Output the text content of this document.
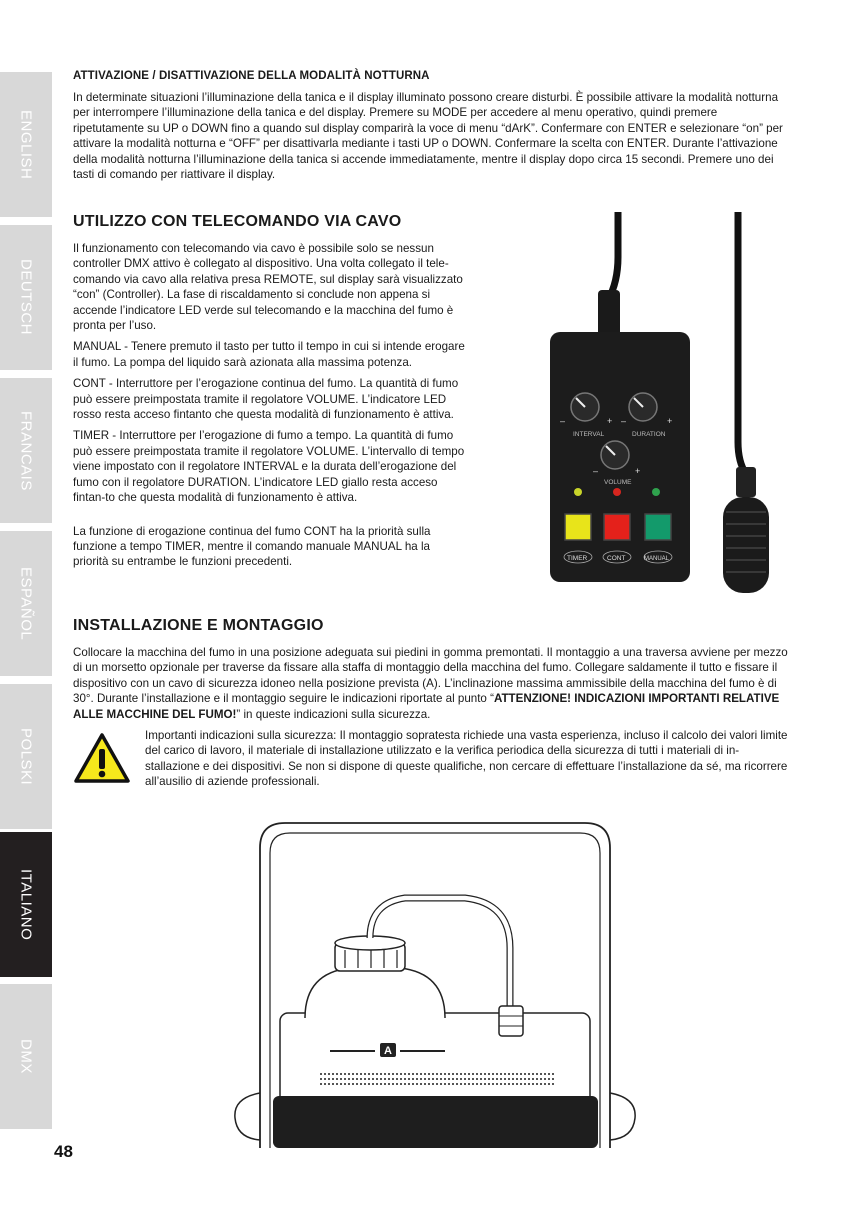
ENGLISH
DEUTSCH
FRANCAIS
ESPAÑOL
POLSKI
ITALIANO
DMX
48
ATTIVAZIONE / DISATTIVAZIONE DELLA MODALITÀ NOTTURNA

In determinate situazioni l’illuminazione della tanica e il display illuminato possono creare disturbi. È possibile attivare la modalità notturna per interrompere l’illuminazione della tanica e del display. Premere su MODE per accedere al menu operativo, quindi premere ripetutamente su UP o DOWN fino a quando sul display comparirà la voce di menu “dArK”. Confermare con ENTER e selezionare “on” per attivare la modalità notturna e “OFF” per disattivarla mediante i tasti UP o DOWN. Confermare la scelta con ENTER. Durante l’attivazione della modalità notturna l’illuminazione della tanica si accende immediatamente, mentre il display dopo circa 15 secondi. Premere uno dei tasti di comando per riattivare il display.

UTILIZZO CON TELECOMANDO VIA CAVO

Il funzionamento con telecomando via cavo è possibile solo se nessun controller DMX attivo è collegato al dispositivo. Una volta collegato il tele-comando via cavo alla relativa presa REMOTE, sul display sarà visualizzato “con” (Controller). La fase di riscaldamento si conclude non appena si accende l’indicatore LED verde sul telecomando e la macchina del fumo è pronta per l’uso.

MANUAL - Tenere premuto il tasto per tutto il tempo in cui si intende erogare il fumo. La pompa del liquido sarà azionata alla massima potenza.

CONT - Interruttore per l’erogazione continua del fumo. La quantità di fumo può essere preimpostata tramite il regolatore VOLUME. L’indicatore LED rosso resta acceso fintanto che questa modalità di funzionamento è attiva.

TIMER - Interruttore per l’erogazione di fumo a tempo. La quantità di fumo può essere preimpostata tramite il regolatore VOLUME. L’intervallo di tempo viene impostato con il regolatore INTERVAL e la durata dell’erogazione del fumo con il regolatore DURATION. L’indicatore LED giallo resta acceso fintan-to che questa modalità di funzionamento è attiva.

La funzione di erogazione continua del fumo CONT ha la priorità sulla funzione a tempo TIMER, mentre il comando manuale MANUAL ha la priorità su entrambe le funzioni precedenti.

–	+ –	+
INTERVAL	DURATION
–	+
VOLUME
TIMER	CONT	MANUAL
INSTALLAZIONE E MONTAGGIO

Collocare la macchina del fumo in una posizione adeguata sui piedini in gomma premontati. Il montaggio a una traversa avviene per mezzo di un morsetto opzionale per traverse da fissare alla staffa di montaggio della macchina del fumo. Collegare saldamente il tutto e fissare il dispositivo con un cavo di sicurezza idoneo nella posizione prevista (A). L’inclinazione massima ammissibile della macchina del fumo è di 30°. Durante l’installazione e il montaggio seguire le indicazioni riportate al punto “ATTENZIONE! INDICAZIONI IMPORTANTI RELATIVE ALLE MACCHINE DEL FUMO!” in queste indicazioni sulla sicurezza.

Importanti indicazioni sulla sicurezza: Il montaggio sopratesta richiede una vasta esperienza, incluso il calcolo dei valori limite del carico di lavoro, il materiale di installazione utilizzato e la verifica periodica della sicurezza di tutti i materiali di in-stallazione e dei dispositivi. Se non si dispone di queste qualifiche, non cercare di effettuare l’installazione da sé, ma ricorrere all’ausilio di aziende professionali.

A
